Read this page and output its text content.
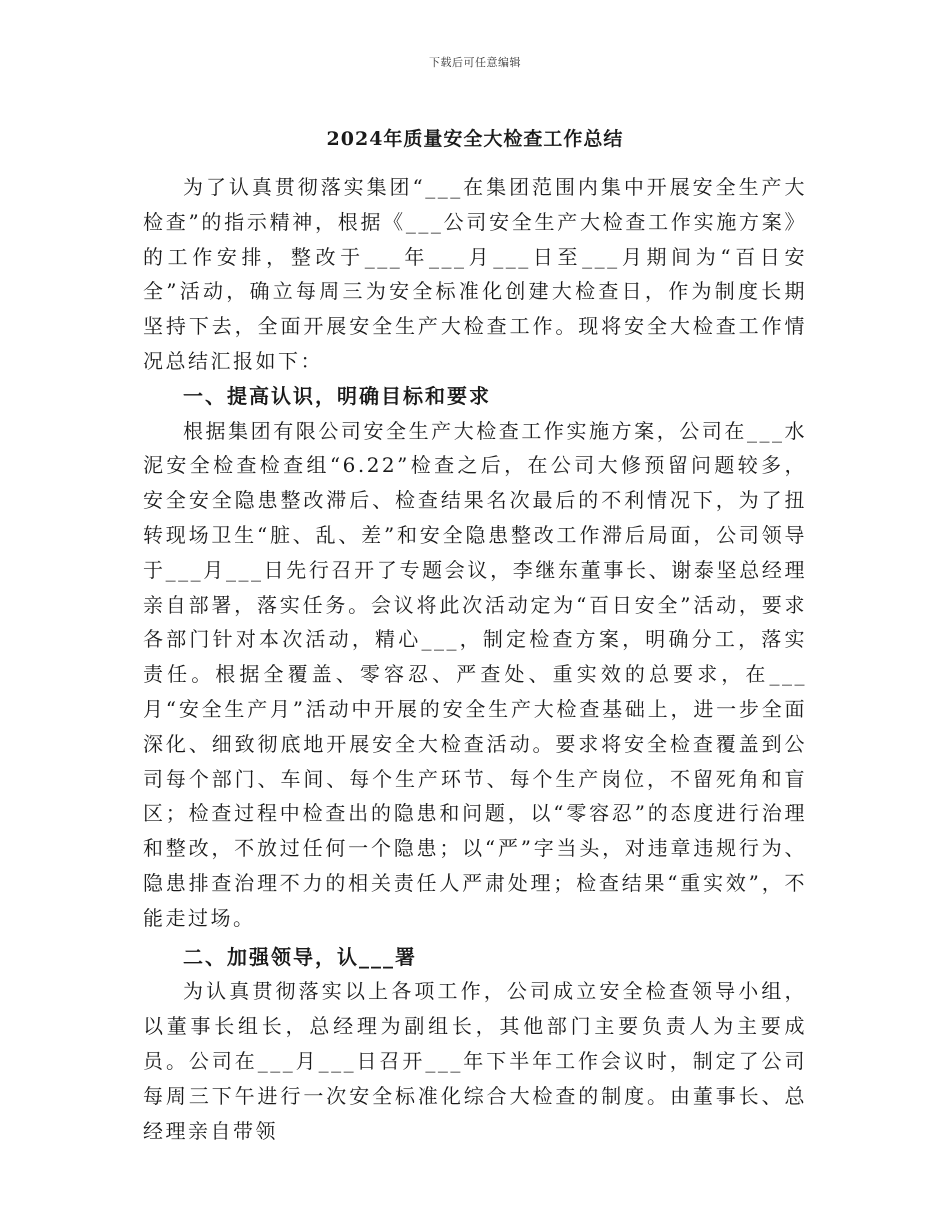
下载后可任意编辑
2024年质量安全大检查工作总结

为了认真贯彻落实集团“___在集团范围内集中开展安全生产大检查”的指示精神，根据《___公司安全生产大检查工作实施方案》的工作安排，整改于___年___月___日至___月期间为“百日安全”活动，确立每周三为安全标准化创建大检查日，作为制度长期坚持下去，全面开展安全生产大检查工作。现将安全大检查工作情况总结汇报如下：

一、提高认识，明确目标和要求

根据集团有限公司安全生产大检查工作实施方案，公司在___水泥安全检查检查组“6.22”检查之后，在公司大修预留问题较多，安全安全隐患整改滞后、检查结果名次最后的不利情况下，为了扭转现场卫生“脏、乱、差”和安全隐患整改工作滞后局面，公司领导于___月___日先行召开了专题会议，李继东董事长、谢泰坚总经理亲自部署，落实任务。会议将此次活动定为“百日安全”活动，要求各部门针对本次活动，精心___，制定检查方案，明确分工，落实责任。根据全覆盖、零容忍、严查处、重实效的总要求，在___月“安全生产月”活动中开展的安全生产大检查基础上，进一步全面深化、细致彻底地开展安全大检查活动。要求将安全检查覆盖到公司每个部门、车间、每个生产环节、每个生产岗位，不留死角和盲区；检查过程中检查出的隐患和问题，以“零容忍”的态度进行治理和整改，不放过任何一个隐患；以“严”字当头，对违章违规行为、隐患排查治理不力的相关责任人严肃处理；检查结果“重实效”，不能走过场。

二、加强领导，认___署

为认真贯彻落实以上各项工作，公司成立安全检查领导小组，以董事长组长，总经理为副组长，其他部门主要负责人为主要成员。公司在___月___日召开___年下半年工作会议时，制定了公司每周三下午进行一次安全标准化综合大检查的制度。由董事长、总经理亲自带领
